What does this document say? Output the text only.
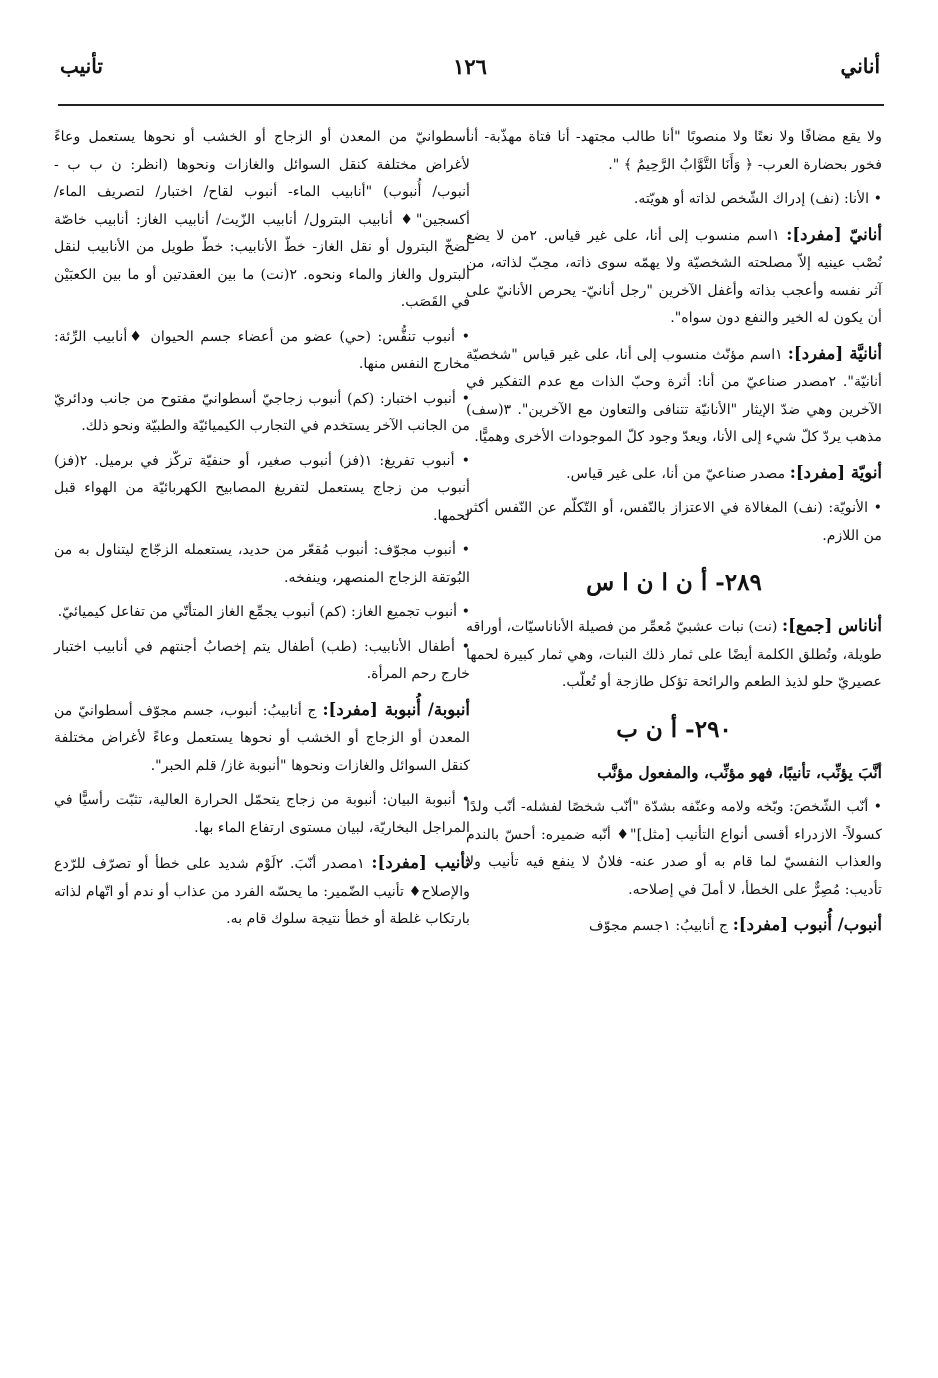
أناني
١٢٦
تأنيب

ولا يقع مضافًا ولا نعتًا ولا منصوبًا "أنا طالب مجتهد- أنا فتاة مهذّبة- أنا فخور بحضارة العرب- ﴿ وَأَنَا التَّوَّابُ الرَّحِيمُ ﴾ ".

• الأنا: (نف) إدراك الشّخص لذاته أو هويّته.

أنانيّ [مفرد]: ١اسم منسوب إلى أنا، على غير قياس. ٢من لا يضع نُصْب عينيه إلاّ مصلحته الشخصيّة ولا يهمّه سوى ذاته، محِبّ لذاته، من آثر نفسه وأعجب بذاته وأغفل الآخرين "رجل أنانيّ- يحرص الأنانيّ على أن يكون له الخير والنفع دون سواه".

أنانيَّة [مفرد]: ١اسم مؤنّث منسوب إلى أنا، على غير قياس "شخصيّة أنانيّة". ٢مصدر صناعيّ من أنا: أثرة وحبّ الذات مع عدم التفكير في الآخرين وهي ضدّ الإيثار "الأنانيّة تتنافى والتعاون مع الآخرين". ٣(سف) مذهب يردّ كلّ شيء إلى الأنا، ويعدّ وجود كلّ الموجودات الأخرى وهميًّا.

أنويّة [مفرد]: مصدر صناعيّ من أنا، على غير قياس.

• الأنويّة: (نف) المغالاة في الاعتزاز بالنّفس، أو التّكلّم عن النّفس أكثر من اللازم.

٢٨٩- أ ن ا ن ا س

أناناس [جمع]: (نت) نبات عشبيّ مُعمِّر من فصيلة الأناناسيّات، أوراقه طويلة، وتُطلق الكلمة أيضًا على ثمار ذلك النبات، وهي ثمار كبيرة لحمها عصيريّ حلو لذيذ الطعم والرائحة تؤكل طازجة أو تُعلّب.

٢٩٠- أ ن ب
أنَّبَ يؤنِّب، تأنيبًا، فهو مؤنِّب، والمفعول مؤنَّب

• أنّب الشّخصَ: وبّخه ولامه وعنّفه بشدّة "أنّب شخصًا لفشله- أنّب ولدًا كسولاً- الازدراء أقسى أنواع التأنيب [مثل]"♦ أنّبه ضميره: أحسّ بالندم والعذاب النفسيّ لما قام به أو صدر عنه- فلانٌ لا ينفع فيه تأنيب ولا تأديب: مُصِرٌّ على الخطأ، لا أملَ في إصلاحه.

أنبوب/ أُنبوب [مفرد]: ج أنابيبُ: ١جسم مجوّف

أسطوانيّ من المعدن أو الزجاج أو الخشب أو نحوها يستعمل وعاءً لأغراض مختلفة كنقل السوائل والغازات ونحوها (انظر: ن ب ب - أنبوب/ أُنبوب) "أنابيب الماء- أنبوب لقاح/ اختبار/ لتصريف الماء/ أكسجين"♦ أنابيب البترول/ أنابيب الزّيت/ أنابيب الغاز: أنابيب خاصّة لضخّ البترول أو نقل الغاز- خطّ الأنابيب: خطّ طويل من الأنابيب لنقل البترول والغاز والماء ونحوه. ٢(نت) ما بين العقدتين أو ما بين الكعبَيْن في القَصَب.

• أنبوب تنفُّس: (حي) عضو من أعضاء جسم الحيوان ♦أنابيب الرِّئة: مخارج النفس منها.

• أنبوب اختبار: (كم) أنبوب زجاجيّ أسطوانيّ مفتوح من جانب ودائريّ من الجانب الآخر يستخدم في التجارب الكيميائيّة والطبيّة ونحو ذلك.

• أنبوب تفريغ: ١(فز) أنبوب صغير، أو حنفيّة تركّز في برميل. ٢(فز) أنبوب من زجاج يستعمل لتفريغ المصابيح الكهربائيّة من الهواء قبل لحمها.

• أنبوب مجوّف: أنبوب مُقعّر من حديد، يستعمله الزجّاج ليتناول به من البُوتقة الزجاج المنصهر، وينفخه.

• أنبوب تجميع الغاز: (كم) أنبوب يجمِّع الغاز المتأتّي من تفاعل كيميائيّ.

• أطفال الأنابيب: (طب) أطفال يتم إخصابُ أجنتهم في أنابيب اختبار خارج رحم المرأة.

أنبوبة/ أُنبوبة [مفرد]: ج أنابيبُ: أنبوب، جسم مجوّف أسطوانيّ من المعدن أو الزجاج أو الخشب أو نحوها يستعمل وعاءً لأغراض مختلفة كنقل السوائل والغازات ونحوها "أنبوبة غاز/ قلم الحبر".

• أنبوبة البيان: أنبوبة من زجاج يتحمّل الحرارة العالية، تثبّت رأسيًّا في المراجل البخاريّة، لبيان مستوى ارتفاع الماء بها.

تأنيب [مفرد]: ١مصدر أنّبَ. ٢لَوْم شديد على خطأ أو تصرّف للرّدع والإصلاح♦ تأنيب الضّمير: ما يحسّه الفرد من عذاب أو ندم أو اتّهام لذاته بارتكاب غلطة أو خطأ نتيجة سلوك قام به.
